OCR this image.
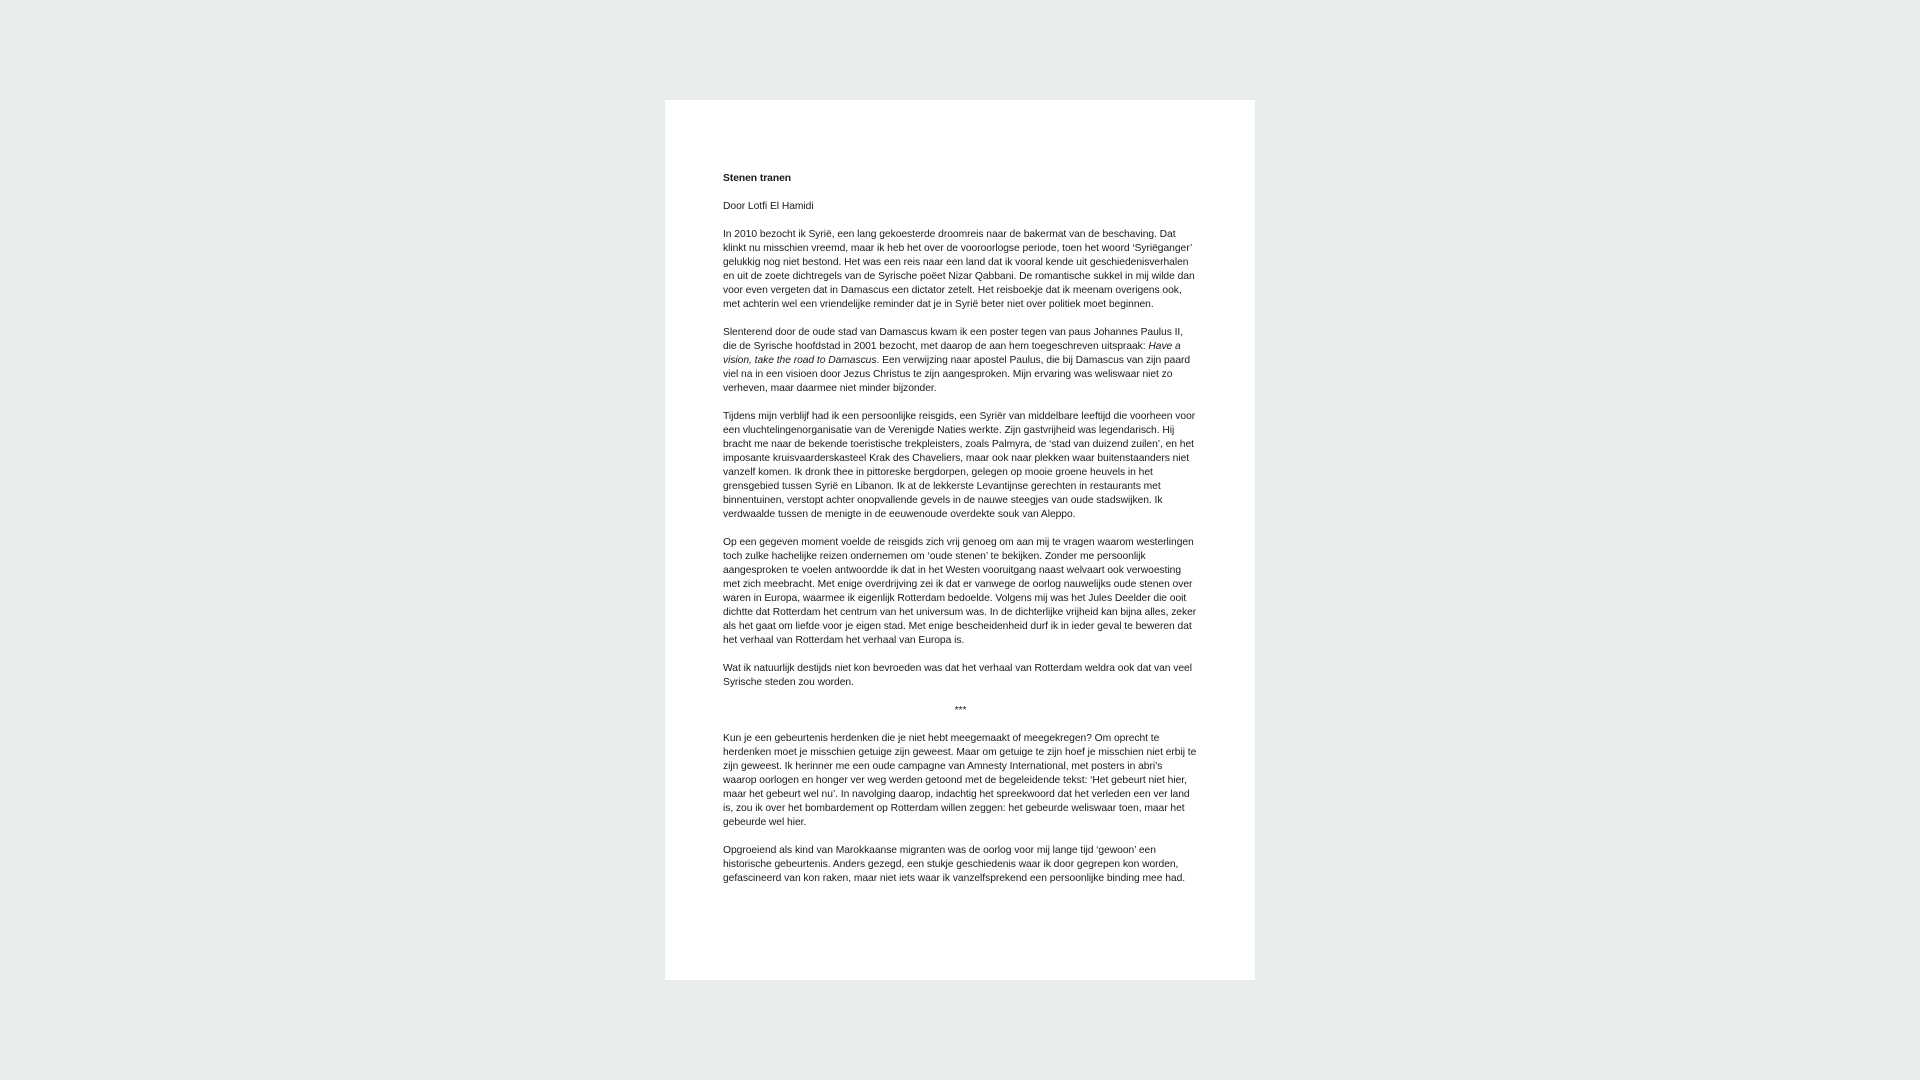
Stenen tranen
Door Lotfi El Hamidi

In 2010 bezocht ik Syrië, een lang gekoesterde droomreis naar de bakermat van de beschaving. Dat klinkt nu misschien vreemd, maar ik heb het over de vooroorlogse periode, toen het woord ‘Syriëganger’ gelukkig nog niet bestond. Het was een reis naar een land dat ik vooral kende uit geschiedenisverhalen en uit de zoete dichtregels van de Syrische poëet Nizar Qabbani. De romantische sukkel in mij wilde dan voor even vergeten dat in Damascus een dictator zetelt. Het reisboekje dat ik meenam overigens ook, met achterin wel een vriendelijke reminder dat je in Syrië beter niet over politiek moet beginnen.

Slenterend door de oude stad van Damascus kwam ik een poster tegen van paus Johannes Paulus II, die de Syrische hoofdstad in 2001 bezocht, met daarop de aan hem toegeschreven uitspraak: Have a vision, take the road to Damascus. Een verwijzing naar apostel Paulus, die bij Damascus van zijn paard viel na in een visioen door Jezus Christus te zijn aangesproken. Mijn ervaring was weliswaar niet zo verheven, maar daarmee niet minder bijzonder.

Tijdens mijn verblijf had ik een persoonlijke reisgids, een Syriër van middelbare leeftijd die voorheen voor een vluchtelingenorganisatie van de Verenigde Naties werkte. Zijn gastvrijheid was legendarisch. Hij bracht me naar de bekende toeristische trekpleisters, zoals Palmyra, de ‘stad van duizend zuilen’, en het imposante kruisvaarderskasteel Krak des Chaveliers, maar ook naar plekken waar buitenstaanders niet vanzelf komen. Ik dronk thee in pittoreske bergdorpen, gelegen op mooie groene heuvels in het grensgebied tussen Syrië en Libanon. Ik at de lekkerste Levantijnse gerechten in restaurants met binnentuinen, verstopt achter onopvallende gevels in de nauwe steegjes van oude stadswijken. Ik verdwaalde tussen de menigte in de eeuwenoude overdekte souk van Aleppo.

Op een gegeven moment voelde de reisgids zich vrij genoeg om aan mij te vragen waarom westerlingen toch zulke hachelijke reizen ondernemen om ‘oude stenen’ te bekijken. Zonder me persoonlijk aangesproken te voelen antwoordde ik dat in het Westen vooruitgang naast welvaart ook verwoesting met zich meebracht. Met enige overdrijving zei ik dat er vanwege de oorlog nauwelijks oude stenen over waren in Europa, waarmee ik eigenlijk Rotterdam bedoelde. Volgens mij was het Jules Deelder die ooit dichtte dat Rotterdam het centrum van het universum was. In de dichterlijke vrijheid kan bijna alles, zeker als het gaat om liefde voor je eigen stad. Met enige bescheidenheid durf ik in ieder geval te beweren dat het verhaal van Rotterdam het verhaal van Europa is.

Wat ik natuurlijk destijds niet kon bevroeden was dat het verhaal van Rotterdam weldra ook dat van veel Syrische steden zou worden.

***

Kun je een gebeurtenis herdenken die je niet hebt meegemaakt of meegekregen? Om oprecht te herdenken moet je misschien getuige zijn geweest. Maar om getuige te zijn hoef je misschien niet erbij te zijn geweest. Ik herinner me een oude campagne van Amnesty International, met posters in abri’s waarop oorlogen en honger ver weg werden getoond met de begeleidende tekst: ‘Het gebeurt niet hier, maar het gebeurt wel nu’. In navolging daarop, indachtig het spreekwoord dat het verleden een ver land is, zou ik over het bombardement op Rotterdam willen zeggen: het gebeurde weliswaar toen, maar het gebeurde wel hier.

Opgroeiend als kind van Marokkaanse migranten was de oorlog voor mij lange tijd ‘gewoon’ een historische gebeurtenis. Anders gezegd, een stukje geschiedenis waar ik door gegrepen kon worden, gefascineerd van kon raken, maar niet iets waar ik vanzelfsprekend een persoonlijke binding mee had.
